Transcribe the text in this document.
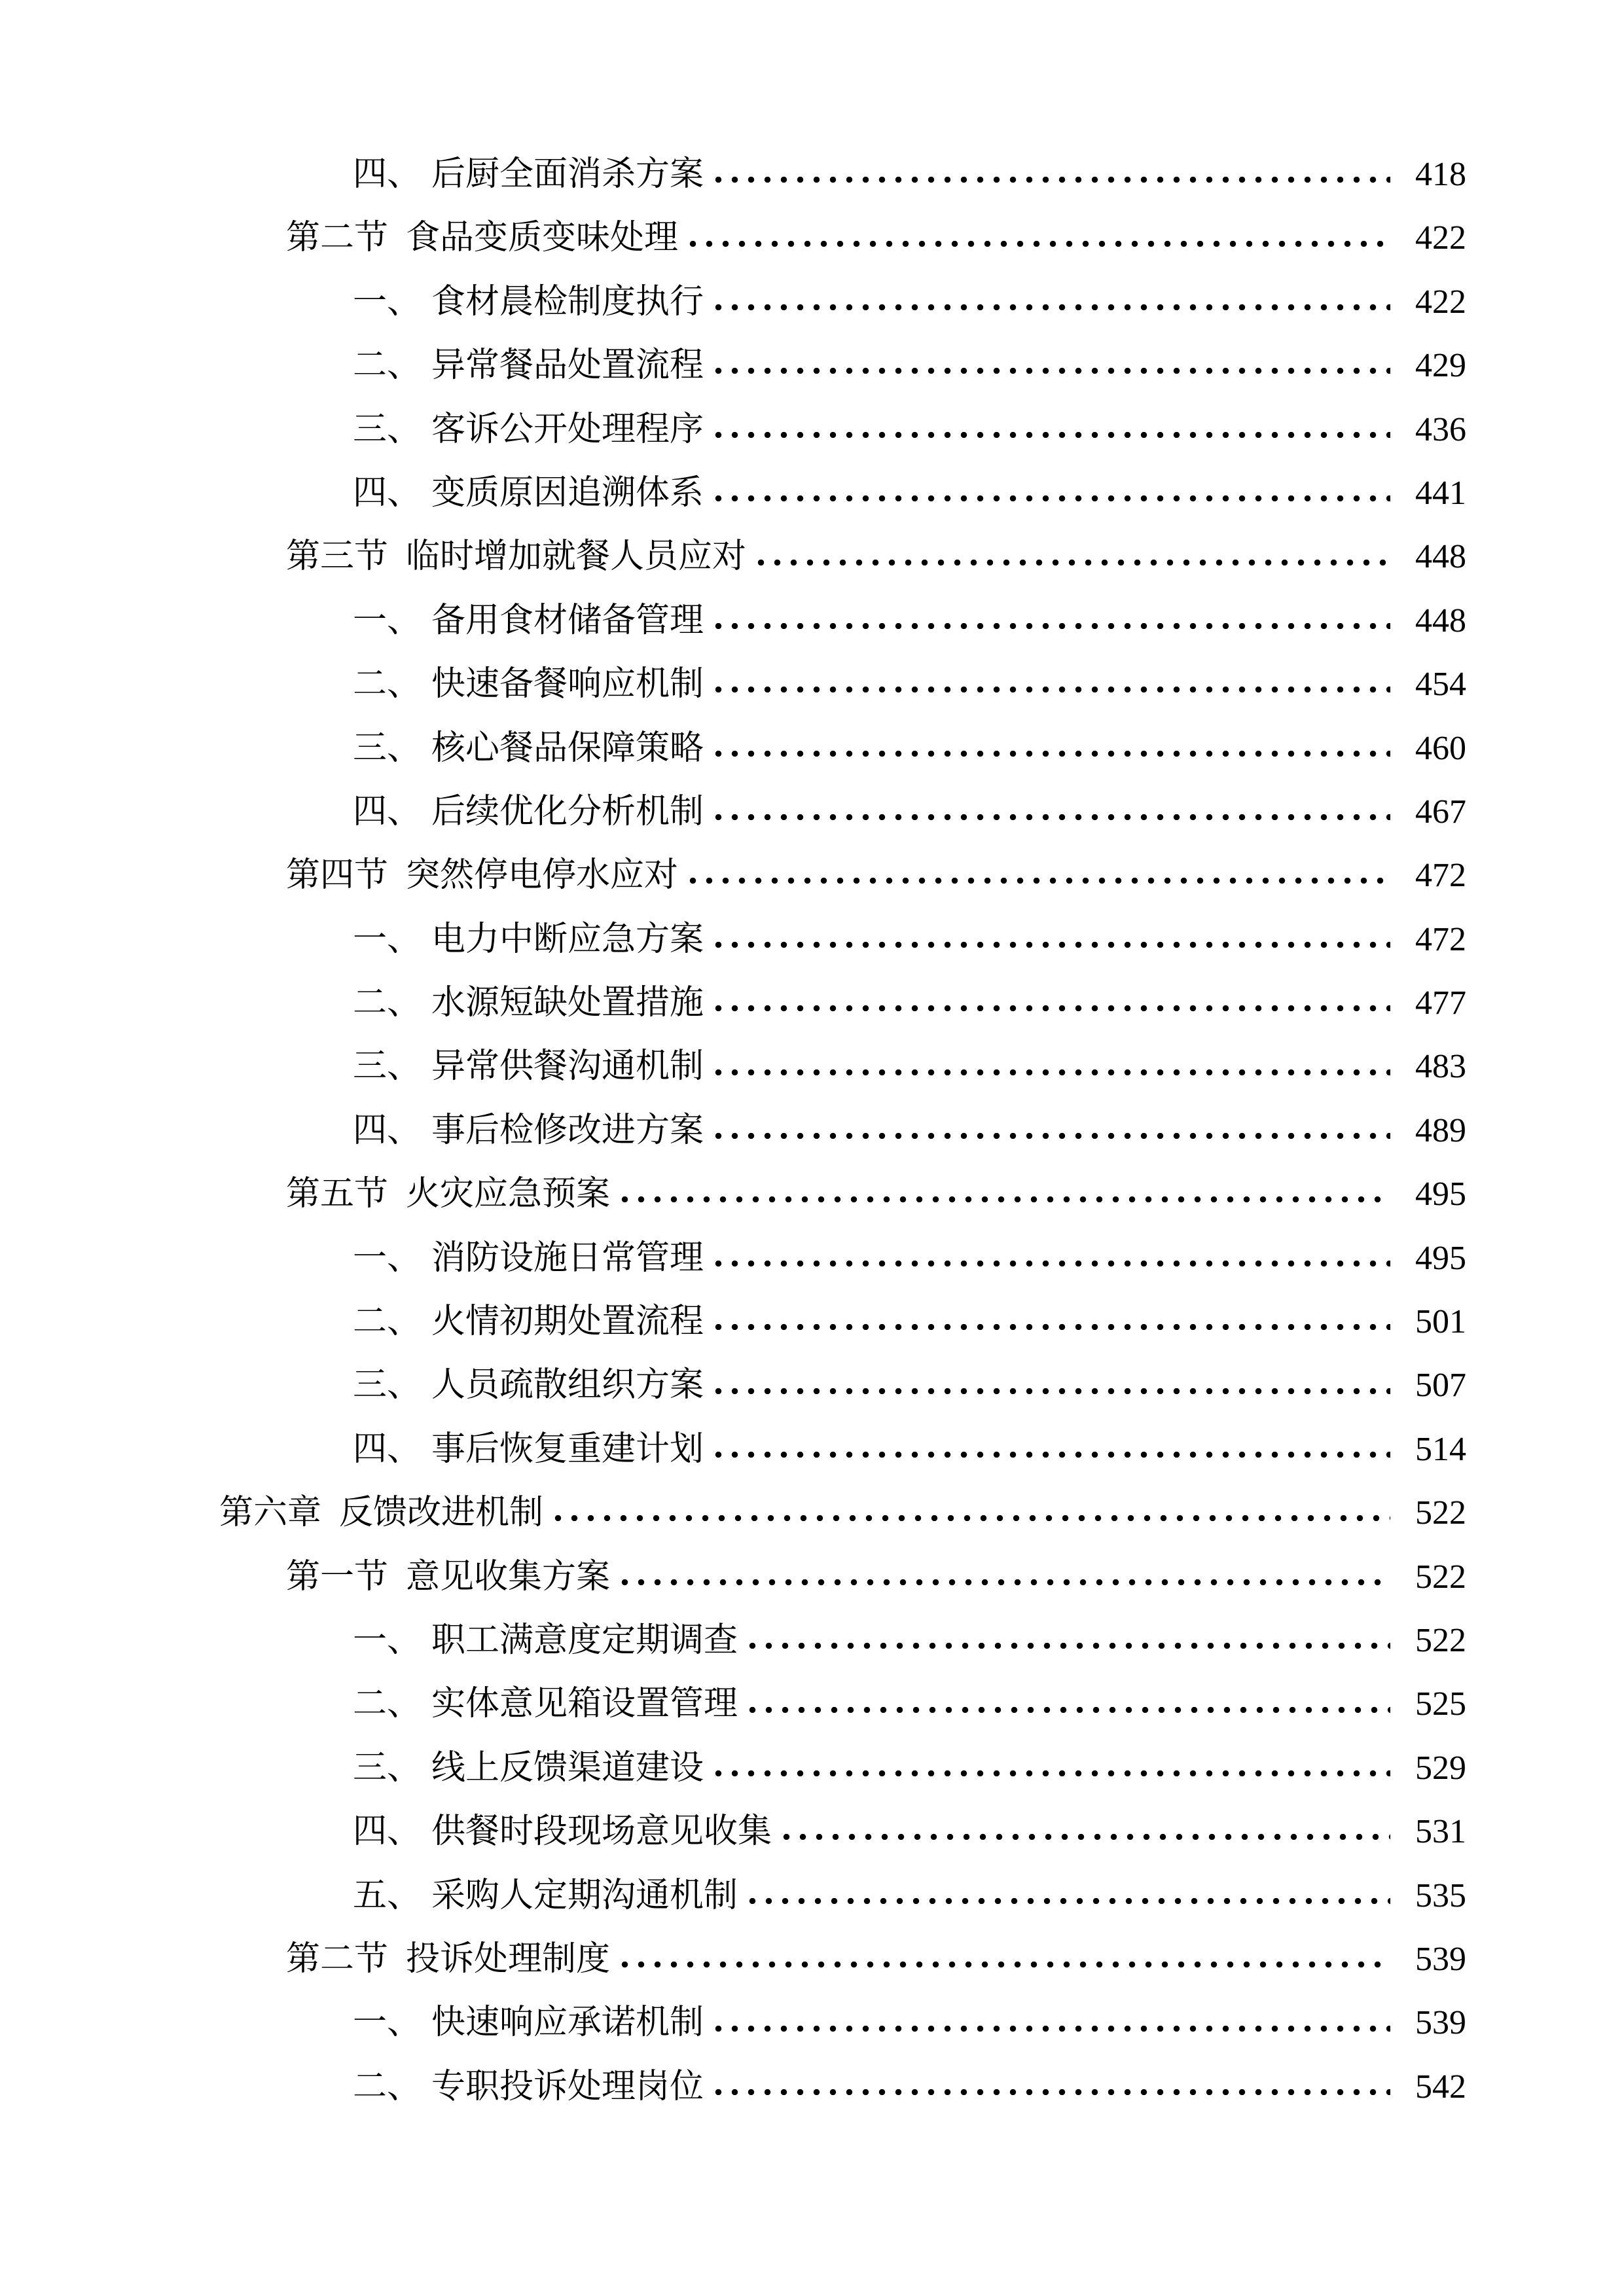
四、 后厨全面消杀方案	418
第二节 食品变质变味处理	422
一、 食材晨检制度执行	422
二、 异常餐品处置流程	429
三、 客诉公开处理程序	436
四、 变质原因追溯体系	441
第三节 临时增加就餐人员应对	448
一、 备用食材储备管理	448
二、 快速备餐响应机制	454
三、 核心餐品保障策略	460
四、 后续优化分析机制	467
第四节 突然停电停水应对	472
一、 电力中断应急方案	472
二、 水源短缺处置措施	477
三、 异常供餐沟通机制	483
四、 事后检修改进方案	489
第五节 火灾应急预案	495
一、 消防设施日常管理	495
二、 火情初期处置流程	501
三、 人员疏散组织方案	507
四、 事后恢复重建计划	514
第六章 反馈改进机制	522
第一节 意见收集方案	522
一、 职工满意度定期调查	522
二、 实体意见箱设置管理	525
三、 线上反馈渠道建设	529
四、 供餐时段现场意见收集	531
五、 采购人定期沟通机制	535
第二节 投诉处理制度	539
一、 快速响应承诺机制	539
二、 专职投诉处理岗位	542
